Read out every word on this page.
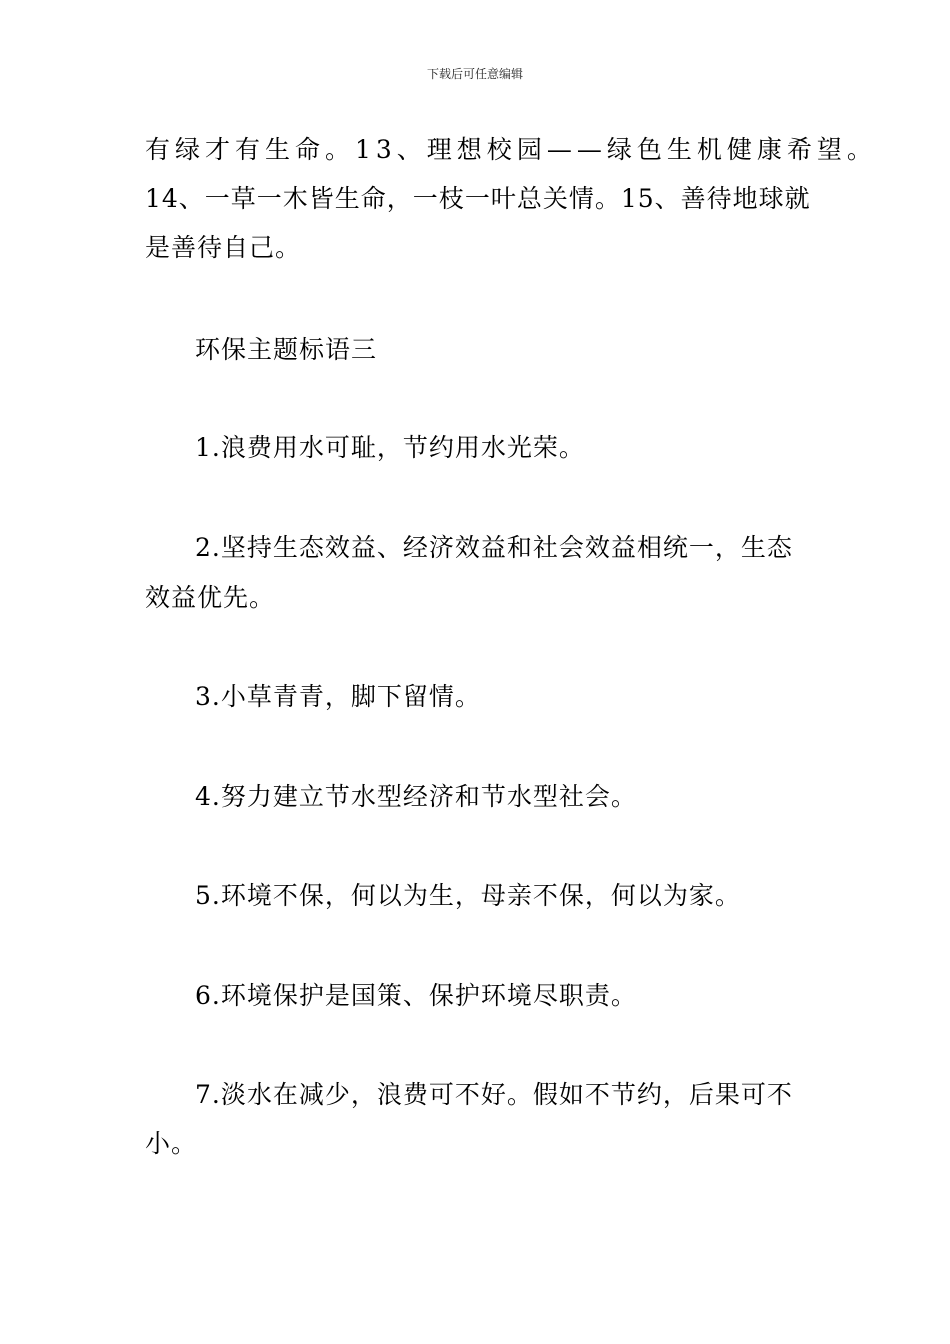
下载后可任意编辑
有绿才有生命。13、理想校园——绿色生机健康希望。
14、一草一木皆生命，一枝一叶总关情。15、善待地球就
是善待自己。
环保主题标语三
1.浪费用水可耻，节约用水光荣。
2.坚持生态效益、经济效益和社会效益相统一，生态
效益优先。
3.小草青青，脚下留情。
4.努力建立节水型经济和节水型社会。
5.环境不保，何以为生，母亲不保，何以为家。
6.环境保护是国策、保护环境尽职责。
7.淡水在减少，浪费可不好。假如不节约，后果可不
小。
